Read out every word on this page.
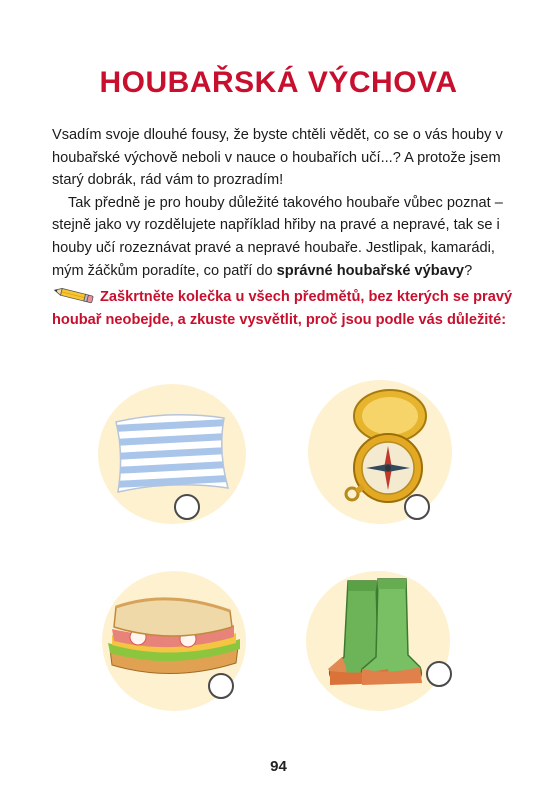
HOUBAŘSKÁ VÝCHOVA

Vsadím svoje dlouhé fousy, že byste chtěli vědět, co se o vás houby v houbařské výchově neboli v nauce o houbařích učí...? A protože jsem starý dobrák, rád vám to prozradím!

Tak předně je pro houby důležité takového houbaře vůbec poznat – stejně jako vy rozdělujete například hřiby na pravé a nepravé, tak se i houby učí rozeznávat pravé a nepravé houbaře. Jestlipak, kamarádi, mým žáčkům poradíte, co patří do správné houbařské výbavy?

Zaškrtněte kolečka u všech předmětů, bez kterých se pravý houbař neobejde, a zkuste vysvětlit, proč jsou podle vás důležité:
94
